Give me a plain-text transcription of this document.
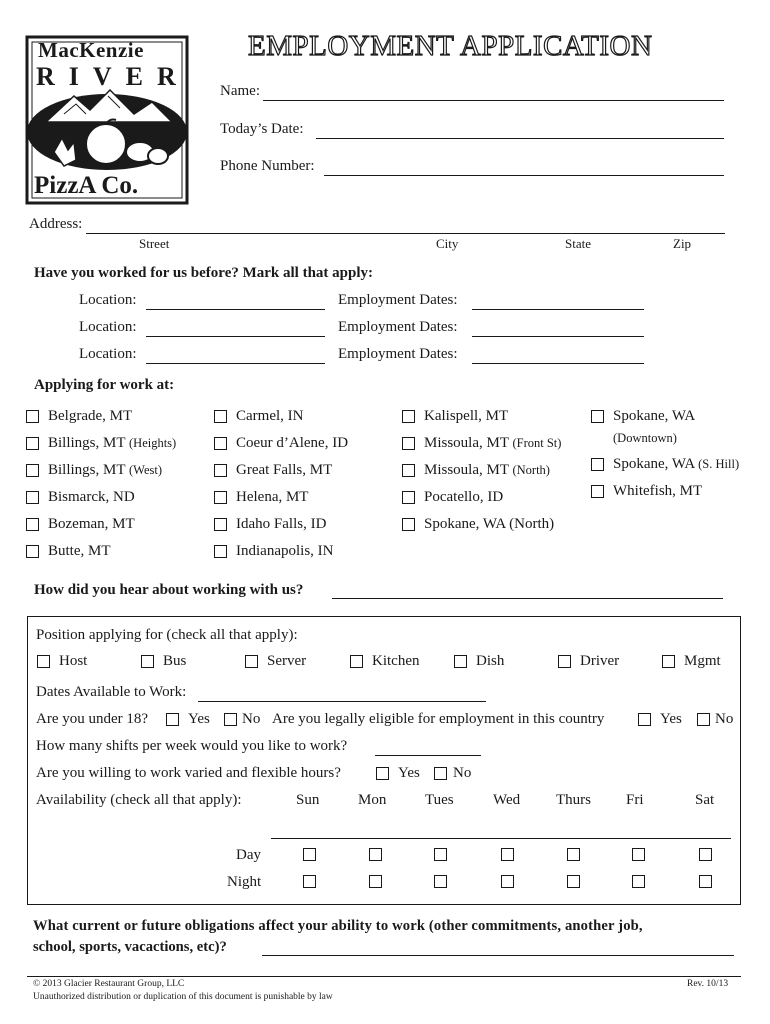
MacKenzie
RIVER
PizzA Co.
EMPLOYMENT APPLICATION
Name:
Today’s Date:
Phone Number:
Address:
Street	City	State	Zip
Have you worked for us before? Mark all that apply:
Location:	Employment Dates:
Location:	Employment Dates:
Location:	Employment Dates:
Applying for work at:
Belgrade, MT
Billings, MT (Heights)
Billings, MT (West)
Bismarck, ND
Bozeman, MT
Butte, MT
Carmel, IN
Coeur d’Alene, ID
Great Falls, MT
Helena, MT
Idaho Falls, ID
Indianapolis, IN
Kalispell, MT
Missoula, MT (Front St)
Missoula, MT (North)
Pocatello, ID
Spokane, WA (North)
Spokane, WA
(Downtown)
Spokane, WA (S. Hill)
Whitefish, MT
How did you hear about working with us?
Position applying for (check all that apply):
Host	Bus	Server	Kitchen	Dish	Driver	Mgmt
Dates Available to Work:
Are you under 18?	Yes No Are you legally eligible for employment in this country	Yes No
How many shifts per week would you like to work?
Are you willing to work varied and flexible hours?	Yes No
Availability (check all that apply):	Sun	Mon	Tues	Wed Thurs Fri	Sat
Day
Night
What current or future obligations affect your ability to work (other commitments, another job,
school, sports, vacactions, etc)?
© 2013 Glacier Restaurant Group, LLC
Unauthorized distribution or duplication of this document is punishable by law
Rev. 10/13
